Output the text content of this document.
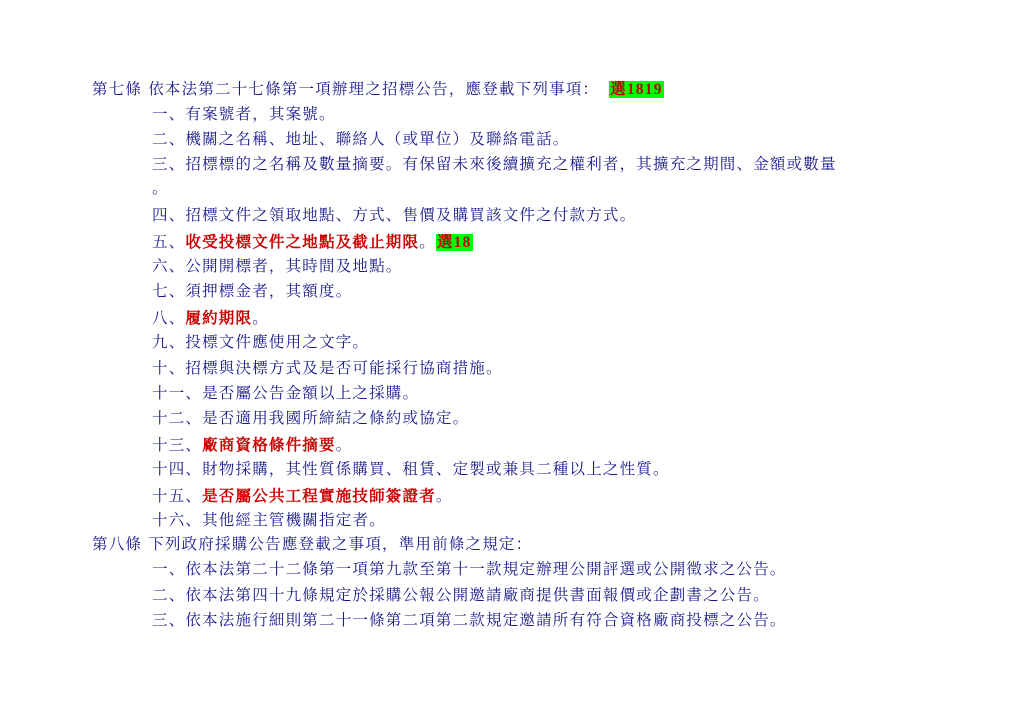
第七條 依本法第二十七條第一項辦理之招標公告，應登載下列事項： 選1819
一、有案號者，其案號。
二、機關之名稱、地址、聯絡人（或單位）及聯絡電話。
三、招標標的之名稱及數量摘要。有保留未來後續擴充之權利者，其擴充之期間、金額或數量
。
四、招標文件之領取地點、方式、售價及購買該文件之付款方式。
五、收受投標文件之地點及截止期限。選18
六、公開開標者，其時間及地點。
七、須押標金者，其額度。
八、履約期限。
九、投標文件應使用之文字。
十、招標與決標方式及是否可能採行協商措施。
十一、是否屬公告金額以上之採購。
十二、是否適用我國所締結之條約或協定。
十三、廠商資格條件摘要。
十四、財物採購，其性質係購買、租賃、定製或兼具二種以上之性質。
十五、是否屬公共工程實施技師簽證者。
十六、其他經主管機關指定者。
第八條 下列政府採購公告應登載之事項，準用前條之規定：
一、依本法第二十二條第一項第九款至第十一款規定辦理公開評選或公開徵求之公告。
二、依本法第四十九條規定於採購公報公開邀請廠商提供書面報價或企劃書之公告。
三、依本法施行細則第二十一條第二項第二款規定邀請所有符合資格廠商投標之公告。
